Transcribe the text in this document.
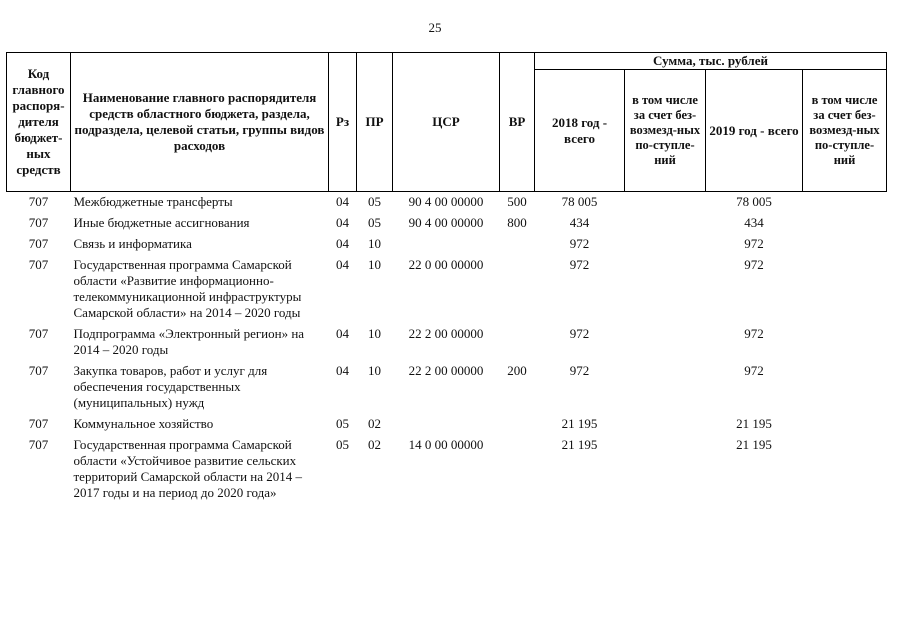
25
Код главного распоря-дителя бюджет-ных средств	Наименование главного распорядителя средств областного бюджета, раздела, подраздела, целевой статьи, группы видов расходов	Рз	ПР	ЦСР	ВР	Сумма, тыс. рублей			
						2018 год - всего	в том числе за счет без-возмезд-ных по-ступле-ний	2019 год - всего	в том числе за счет без-возмезд-ных по-ступле-ний
707	Межбюджетные трансферты	04	05	90 4 00 00000	500	78 005		78 005	
707	Иные бюджетные ассигнования	04	05	90 4 00 00000	800	434		434	
707	Связь и информатика	04	10			972		972	
707	Государственная программа Самарской области «Развитие информационно-телекоммуникационной инфраструктуры Самарской области» на 2014 – 2020 годы	04	10	22 0 00 00000		972		972	
707	Подпрограмма «Электронный регион» на 2014 – 2020 годы	04	10	22 2 00 00000		972		972	
707	Закупка товаров, работ и услуг для обеспечения государственных (муниципальных) нужд	04	10	22 2 00 00000	200	972		972	
707	Коммунальное хозяйство	05	02			21 195		21 195	
707	Государственная программа Самарской области «Устойчивое развитие сельских территорий Самарской области на 2014 – 2017 годы и на период до 2020 года»	05	02	14 0 00 00000		21 195		21 195	
